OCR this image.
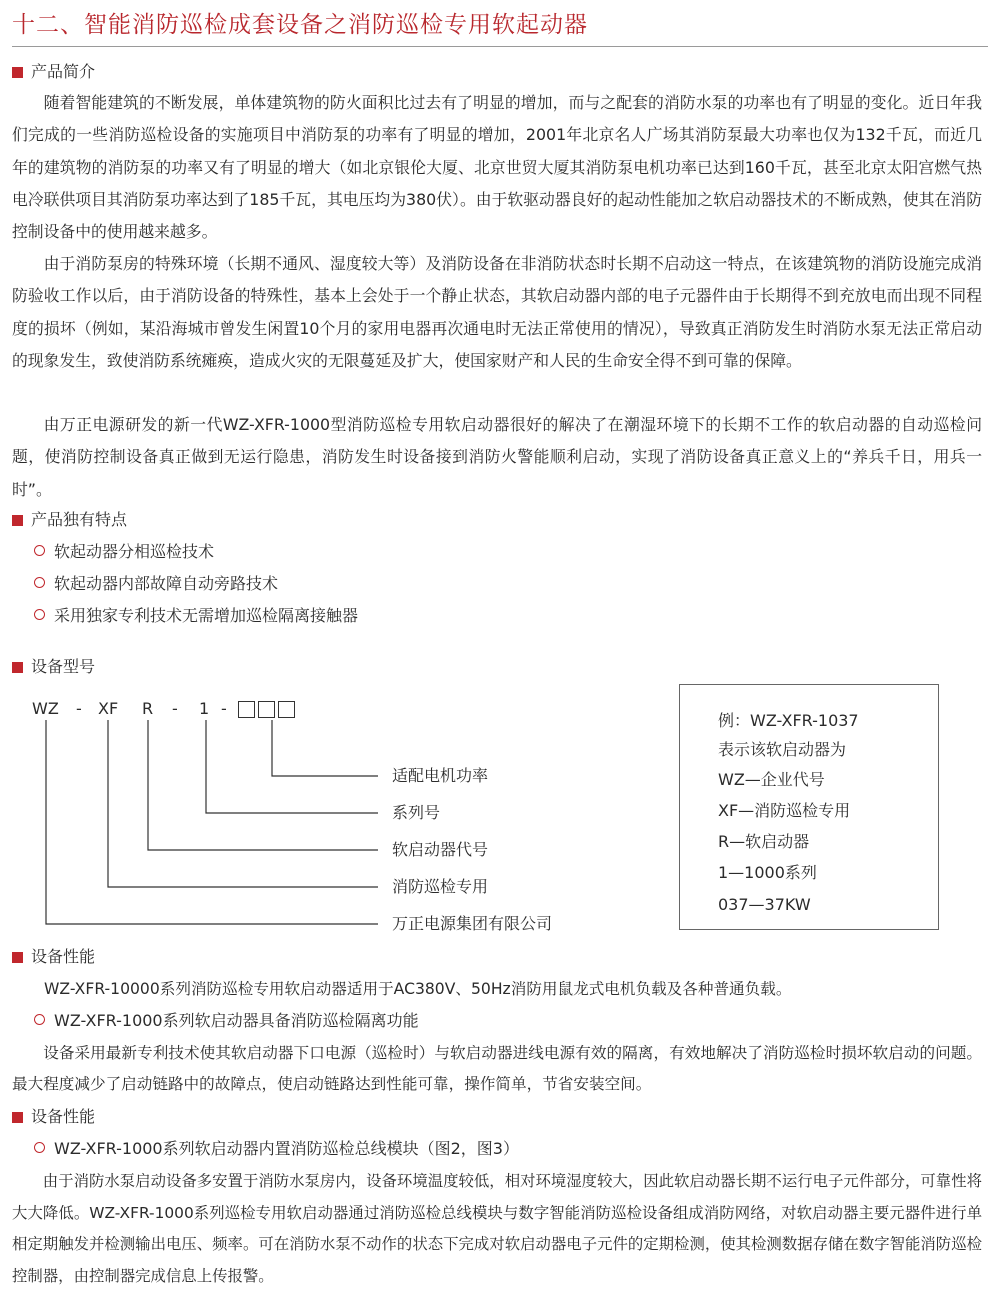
十二、智能消防巡检成套设备之消防巡检专用软起动器
产品简介

随着智能建筑的不断发展，单体建筑物的防火面积比过去有了明显的增加，而与之配套的消防水泵的功率也有了明显的变化。近日年我们完成的一些消防巡检设备的实施项目中消防泵的功率有了明显的增加，2001年北京名人广场其消防泵最大功率也仅为132千瓦，而近几年的建筑物的消防泵的功率又有了明显的增大（如北京银伦大厦、北京世贸大厦其消防泵电机功率已达到160千瓦，甚至北京太阳宫燃气热电冷联供项目其消防泵功率达到了185千瓦，其电压均为380伏）。由于软驱动器良好的起动性能加之软启动器技术的不断成熟，使其在消防控制设备中的使用越来越多。

由于消防泵房的特殊环境（长期不通风、湿度较大等）及消防设备在非消防状态时长期不启动这一特点，在该建筑物的消防设施完成消防验收工作以后，由于消防设备的特殊性，基本上会处于一个静止状态，其软启动器内部的电子元器件由于长期得不到充放电而出现不同程度的损坏（例如，某沿海城市曾发生闲置10个月的家用电器再次通电时无法正常使用的情况），导致真正消防发生时消防水泵无法正常启动的现象发生，致使消防系统瘫痪，造成火灾的无限蔓延及扩大，使国家财产和人民的生命安全得不到可靠的保障。

由万正电源研发的新一代WZ-XFR-1000型消防巡检专用软启动器很好的解决了在潮湿环境下的长期不工作的软启动器的自动巡检问题，使消防控制设备真正做到无运行隐患，消防发生时设备接到消防火警能顺利启动，实现了消防设备真正意义上的“养兵千日，用兵一时”。

产品独有特点
软起动器分相巡检技术
软起动器内部故障自动旁路技术
采用独家专利技术无需增加巡检隔离接触器
设备型号
WZ - XF R - 1 -
适配电机功率
系列号
软启动器代号
消防巡检专用
万正电源集团有限公司
例：WZ-XFR-1037
表示该软启动器为
WZ—企业代号
XF—消防巡检专用
R—软启动器
1—1000系列
037—37KW
设备性能
WZ-XFR-10000系列消防巡检专用软启动器适用于AC380V、50Hz消防用鼠龙式电机负载及各种普通负载。
WZ-XFR-1000系列软启动器具备消防巡检隔离功能

设备采用最新专利技术使其软启动器下口电源（巡检时）与软启动器进线电源有效的隔离，有效地解决了消防巡检时损坏软启动的问题。最大程度减少了启动链路中的故障点，使启动链路达到性能可靠，操作简单，节省安装空间。

设备性能
WZ-XFR-1000系列软启动器内置消防巡检总线模块（图2，图3）

由于消防水泵启动设备多安置于消防水泵房内，设备环境温度较低，相对环境湿度较大，因此软启动器长期不运行电子元件部分，可靠性将大大降低。WZ-XFR-1000系列巡检专用软启动器通过消防巡检总线模块与数字智能消防巡检设备组成消防网络，对软启动器主要元器件进行单相定期触发并检测输出电压、频率。可在消防水泵不动作的状态下完成对软启动器电子元件的定期检测，使其检测数据存储在数字智能消防巡检控制器，由控制器完成信息上传报警。
